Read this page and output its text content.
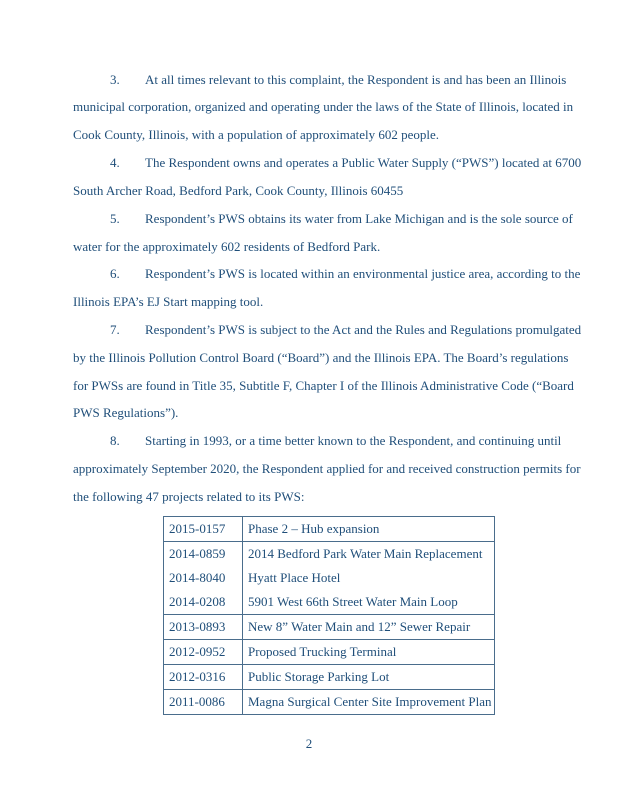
3. At all times relevant to this complaint, the Respondent is and has been an Illinois

municipal corporation, organized and operating under the laws of the State of Illinois, located in

Cook County, Illinois, with a population of approximately 602 people.

4. The Respondent owns and operates a Public Water Supply (“PWS”) located at 6700

South Archer Road, Bedford Park, Cook County, Illinois 60455

5. Respondent’s PWS obtains its water from Lake Michigan and is the sole source of

water for the approximately 602 residents of Bedford Park.

6. Respondent’s PWS is located within an environmental justice area, according to the

Illinois EPA’s EJ Start mapping tool.

7. Respondent’s PWS is subject to the Act and the Rules and Regulations promulgated

by the Illinois Pollution Control Board (“Board”) and the Illinois EPA. The Board’s regulations

for PWSs are found in Title 35, Subtitle F, Chapter I of the Illinois Administrative Code (“Board

PWS Regulations”).

8. Starting in 1993, or a time better known to the Respondent, and continuing until

approximately September 2020, the Respondent applied for and received construction permits for

the following 47 projects related to its PWS:

2015-0157	Phase 2 – Hub expansion
2014-0859	2014 Bedford Park Water Main Replacement
2014-8040	Hyatt Place Hotel
2014-0208	5901 West 66th Street Water Main Loop
2013-0893	New 8” Water Main and 12” Sewer Repair
2012-0952	Proposed Trucking Terminal
2012-0316	Public Storage Parking Lot
2011-0086	Magna Surgical Center Site Improvement Plan
2
